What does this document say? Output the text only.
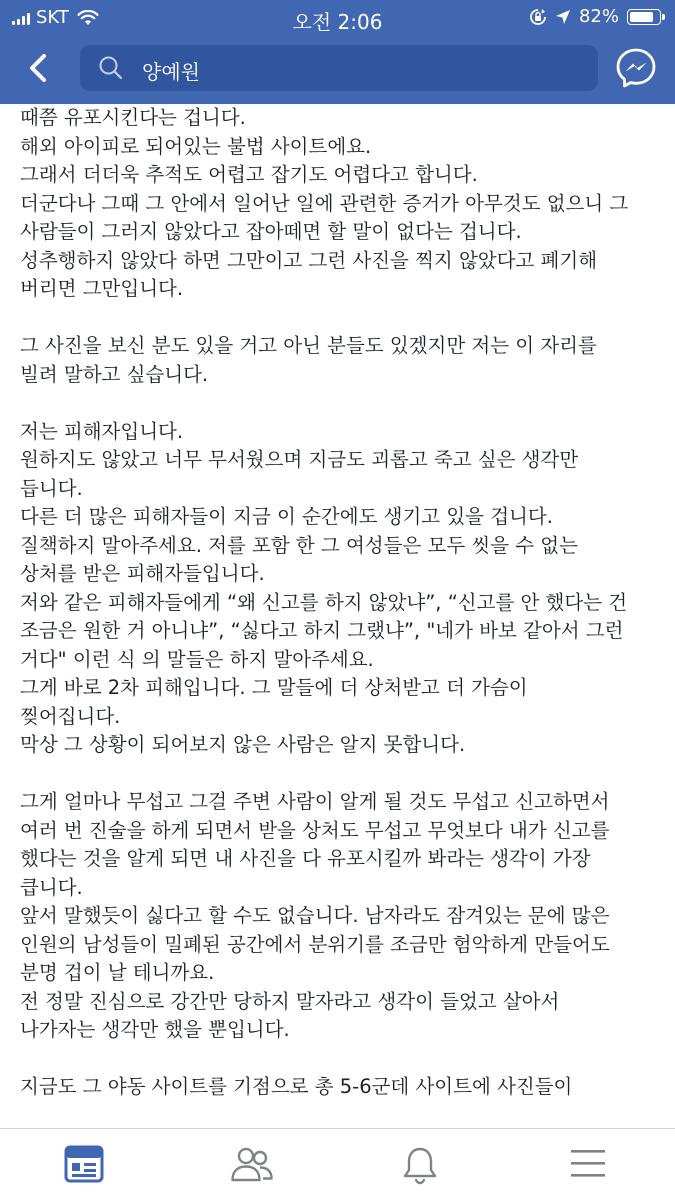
SKT	오전 2:06	82%
양예원
때쯤 유포시킨다는 겁니다.
해외 아이피로 되어있는 불법 사이트에요.
그래서 더더욱 추적도 어렵고 잡기도 어렵다고 합니다.
더군다나 그때 그 안에서 일어난 일에 관련한 증거가 아무것도 없으니 그
사람들이 그러지 않았다고 잡아떼면 할 말이 없다는 겁니다.
성추행하지 않았다 하면 그만이고 그런 사진을 찍지 않았다고 폐기해
버리면 그만입니다.
그 사진을 보신 분도 있을 거고 아닌 분들도 있겠지만 저는 이 자리를
빌려 말하고 싶습니다.
저는 피해자입니다.
원하지도 않았고 너무 무서웠으며 지금도 괴롭고 죽고 싶은 생각만
듭니다.
다른 더 많은 피해자들이 지금 이 순간에도 생기고 있을 겁니다.
질책하지 말아주세요. 저를 포함 한 그 여성들은 모두 씻을 수 없는
상처를 받은 피해자들입니다.
저와 같은 피해자들에게 “왜 신고를 하지 않았냐”, “신고를 안 했다는 건
조금은 원한 거 아니냐”, “싫다고 하지 그랬냐”, "네가 바보 같아서 그런
거다" 이런 식 의 말들은 하지 말아주세요.
그게 바로 2차 피해입니다. 그 말들에 더 상처받고 더 가슴이
찢어집니다.
막상 그 상황이 되어보지 않은 사람은 알지 못합니다.
그게 얼마나 무섭고 그걸 주변 사람이 알게 될 것도 무섭고 신고하면서
여러 번 진술을 하게 되면서 받을 상처도 무섭고 무엇보다 내가 신고를
했다는 것을 알게 되면 내 사진을 다 유포시킬까 봐라는 생각이 가장
큽니다.
앞서 말했듯이 싫다고 할 수도 없습니다. 남자라도 잠겨있는 문에 많은
인원의 남성들이 밀폐된 공간에서 분위기를 조금만 험악하게 만들어도
분명 겁이 날 테니까요.
전 정말 진심으로 강간만 당하지 말자라고 생각이 들었고 살아서
나가자는 생각만 했을 뿐입니다.
지금도 그 야동 사이트를 기점으로 총 5-6군데 사이트에 사진들이
